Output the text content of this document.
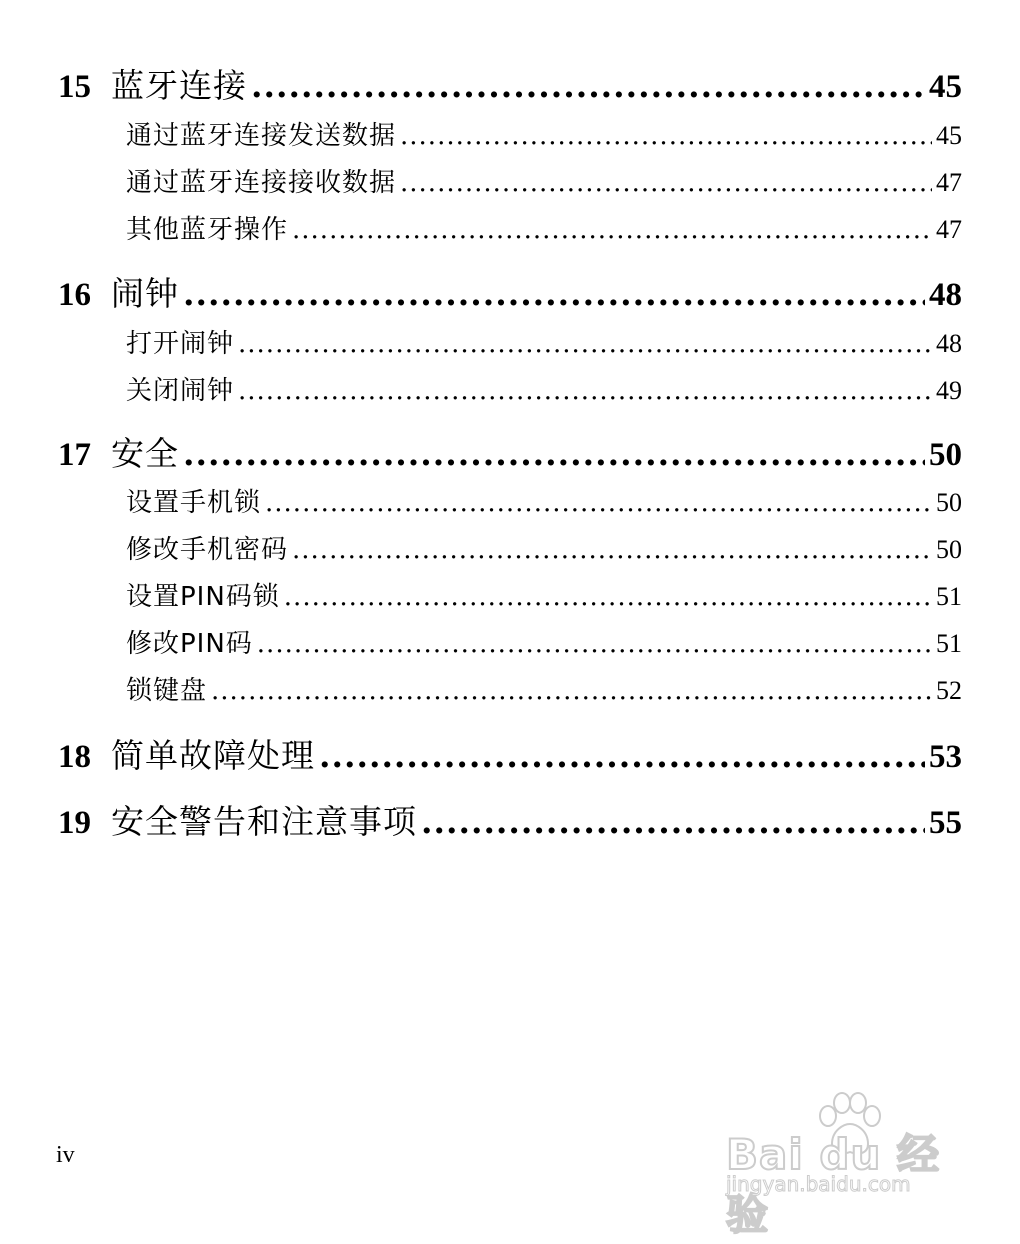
15 蓝牙连接 .....	45
通过蓝牙连接发送数据 .....	45
通过蓝牙连接接收数据 .....	47
其他蓝牙操作 .....	47
16 闹钟 .....	48
打开闹钟 .....	48
关闭闹钟 .....	49
17 安全 .....	50
设置手机锁 .....	50
修改手机密码 .....	50
设置PIN码锁 .....	51
修改PIN码 .....	51
锁键盘 .....	52
18 简单故障处理 .....	53
19 安全警告和注意事项 .....	55
iv	Bai du 经验
jingyan.baidu.com
